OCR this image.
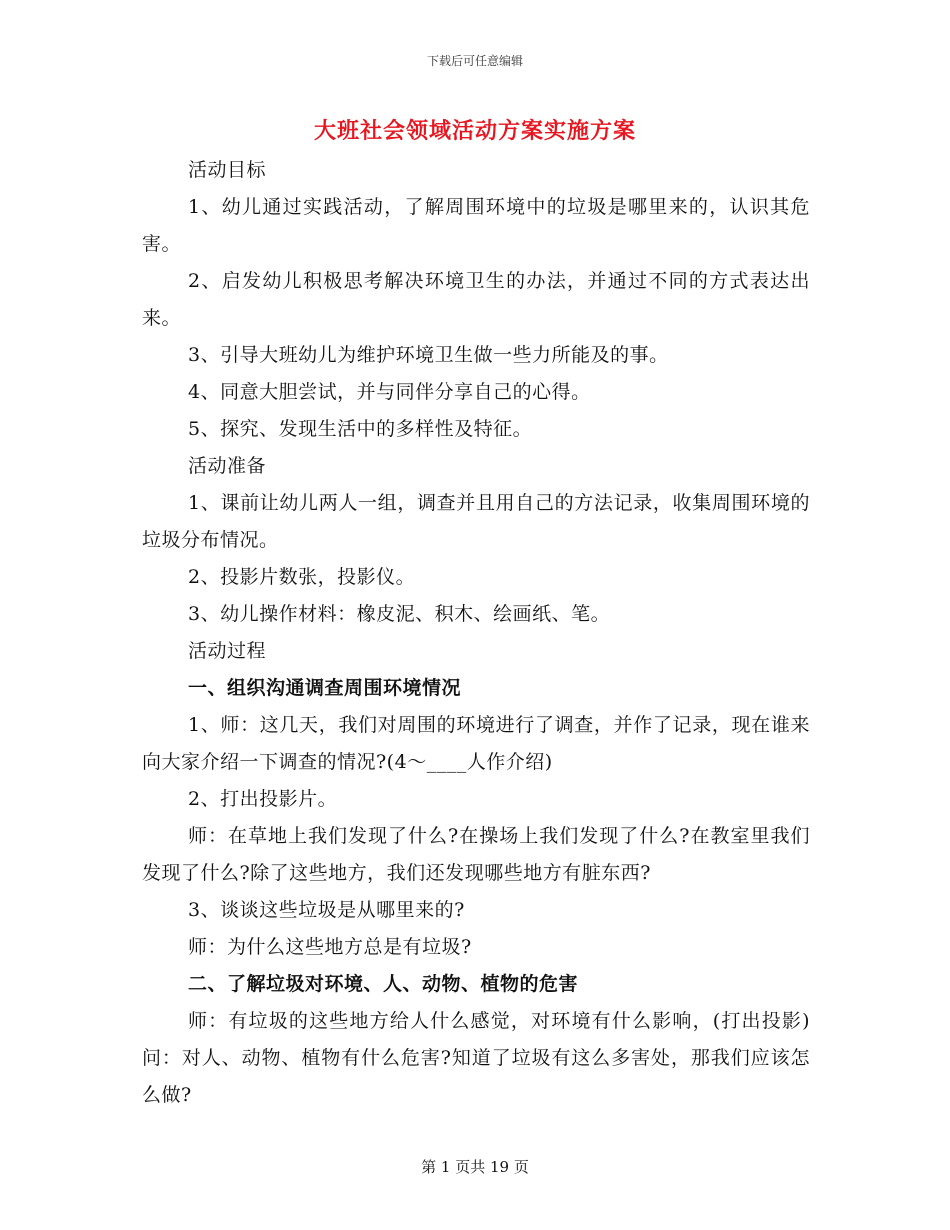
下载后可任意编辑
大班社会领域活动方案实施方案

活动目标

1、幼儿通过实践活动，了解周围环境中的垃圾是哪里来的，认识其危害。

2、启发幼儿积极思考解决环境卫生的办法，并通过不同的方式表达出来。

3、引导大班幼儿为维护环境卫生做一些力所能及的事。

4、同意大胆尝试，并与同伴分享自己的心得。

5、探究、发现生活中的多样性及特征。

活动准备

1、课前让幼儿两人一组，调查并且用自己的方法记录，收集周围环境的垃圾分布情况。

2、投影片数张，投影仪。

3、幼儿操作材料：橡皮泥、积木、绘画纸、笔。

活动过程

一、组织沟通调查周围环境情况

1、师：这几天，我们对周围的环境进行了调查，并作了记录，现在谁来向大家介绍一下调查的情况?(4～____人作介绍)

2、打出投影片。

师：在草地上我们发现了什么?在操场上我们发现了什么?在教室里我们发现了什么?除了这些地方，我们还发现哪些地方有脏东西?

3、谈谈这些垃圾是从哪里来的?

师：为什么这些地方总是有垃圾?

二、了解垃圾对环境、人、动物、植物的危害

师：有垃圾的这些地方给人什么感觉，对环境有什么影响，(打出投影)问：对人、动物、植物有什么危害?知道了垃圾有这么多害处，那我们应该怎么做?

第 1 页共 19 页
